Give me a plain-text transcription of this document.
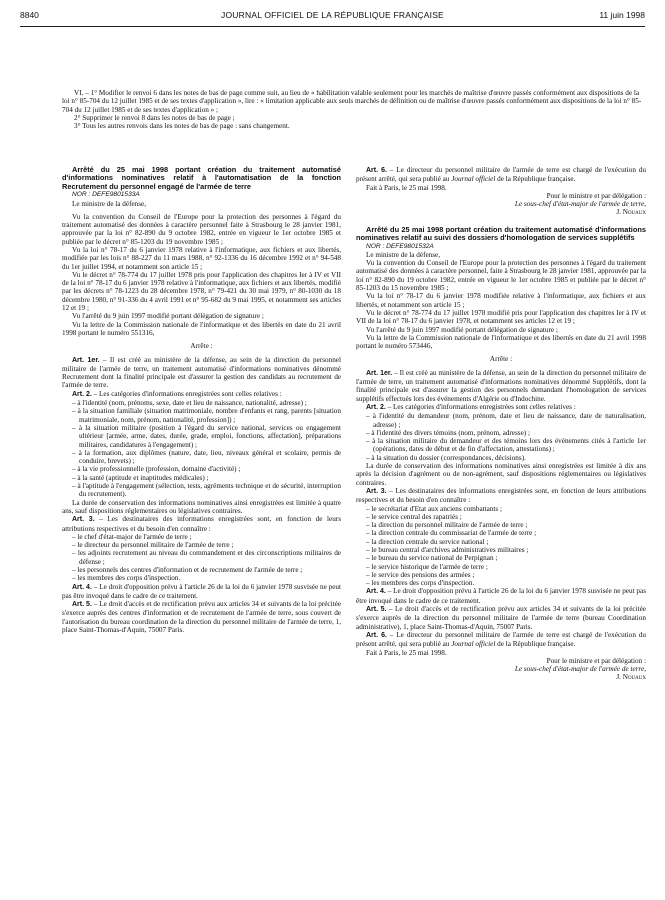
8840	JOURNAL OFFICIEL DE LA RÉPUBLIQUE FRANÇAISE	11 juin 1998

VI. – 1° Modifier le renvoi 6 dans les notes de bas de page comme suit, au lieu de « habilitation valable seulement pour les marchés de maîtrise d'œuvre passés conformément aux dispositions de la loi n° 85-704 du 12 juillet 1985 et de ses textes d'application », lire : « limitation applicable aux seuls marchés de définition ou de maîtrise d'œuvre passés conformément aux dispositions de la loi n° 85-704 du 12 juillet 1985 et de ses textes d'application » ;

2° Supprimer le renvoi 8 dans les notes de bas de page ;

3° Tous les autres renvois dans les notes de bas de page : sans changement.

Arrêté du 25 mai 1998 portant création du traitement automatisé d'informations nominatives relatif à l'automatisation de la fonction Recrutement du personnel engagé de l'armée de terre

NOR : DEFE9801533A

Le ministre de la défense,

Vu la convention du Conseil de l'Europe pour la protection des personnes à l'égard du traitement automatisé des données à caractère personnel faite à Strasbourg le 28 janvier 1981, approuvée par la loi n° 82-890 du 9 octobre 1982, entrée en vigueur le 1er octobre 1985 et publiée par le décret n° 85-1203 du 19 novembre 1985 ;

Vu la loi n° 78-17 du 6 janvier 1978 relative à l'informatique, aux fichiers et aux libertés, modifiée par les lois n° 88-227 du 11 mars 1988, n° 92-1336 du 16 décembre 1992 et n° 94-548 du 1er juillet 1994, et notamment son article 15 ;

Vu le décret n° 78-774 du 17 juillet 1978 pris pour l'application des chapitres Ier à IV et VII de la loi n° 78-17 du 6 janvier 1978 relative à l'informatique, aux fichiers et aux libertés, modifié par les décrets n° 78-1223 du 28 décembre 1978, n° 79-421 du 30 mai 1979, n° 80-1030 du 18 décembre 1980, n° 91-336 du 4 avril 1991 et n° 95-682 du 9 mai 1995, et notamment ses articles 12 et 19 ;

Vu l'arrêté du 9 juin 1997 modifié portant délégation de signature ;

Vu la lettre de la Commission nationale de l'informatique et des libertés en date du 21 avril 1998 portant le numéro 551316,

Arrête :

Art. 1er. – Il est créé au ministère de la défense, au sein de la direction du personnel militaire de l'armée de terre, un traitement automatisé d'informations nominatives dénommé Recrutement dont la finalité principale est d'assurer la gestion des candidats au recrutement de l'armée de terre.

Art. 2. – Les catégories d'informations enregistrées sont celles relatives :

– à l'identité (nom, prénoms, sexe, date et lieu de naissance, nationalité, adresse) ;
– à la situation familiale (situation matrimoniale, nombre d'enfants et rang, parents [situation matrimoniale, nom, prénom, nationalité, profession]) ;
– à la situation militaire (position à l'égard du service national, services ou engagement ultérieur [armée, arme, dates, durée, grade, emploi, fonctions, affectation], préparations militaires, candidatures à l'engagement) ;
– à la formation, aux diplômes (nature, date, lieu, niveaux général et scolaire, permis de conduire, brevets) ;
– à la vie professionnelle (profession, domaine d'activité) ;
– à la santé (aptitude et inaptitudes médicales) ;
– à l'aptitude à l'engagement (sélection, tests, agréments technique et de sécurité, interruption du recrutement).

La durée de conservation des informations nominatives ainsi enregistrées est limitée à quatre ans, sauf dispositions réglementaires ou législatives contraires.

Art. 3. – Les destinataires des informations enregistrées sont, en fonction de leurs attributions respectives et du besoin d'en connaître :

– le chef d'état-major de l'armée de terre ;
– le directeur du personnel militaire de l'armée de terre ;
– les adjoints recrutement au niveau du commandement et des circonscriptions militaires de défense ;
– les personnels des centres d'information et de recrutement de l'armée de terre ;
– les membres des corps d'inspection.

Art. 4. – Le droit d'opposition prévu à l'article 26 de la loi du 6 janvier 1978 susvisée ne peut pas être invoqué dans le cadre de ce traitement.

Art. 5. – Le droit d'accès et de rectification prévu aux articles 34 et suivants de la loi précitée s'exerce auprès des centres d'information et de recrutement de l'armée de terre, sous couvert de l'autorisation du bureau coordination de la direction du personnel militaire de l'armée de terre, 1, place Saint-Thomas-d'Aquin, 75007 Paris.

Art. 6. – Le directeur du personnel militaire de l'armée de terre est chargé de l'exécution du présent arrêté, qui sera publié au Journal officiel de la République française.

Fait à Paris, le 25 mai 1998.

Pour le ministre et par délégation :

Le sous-chef d'état-major de l'armée de terre,

J. Nouaux

Arrêté du 25 mai 1998 portant création du traitement automatisé d'informations nominatives relatif au suivi des dossiers d'homologation de services supplétifs

NOR : DEFE9801532A

Le ministre de la défense,

Vu la convention du Conseil de l'Europe pour la protection des personnes à l'égard du traitement automatisé des données à caractère personnel, faite à Strasbourg le 28 janvier 1981, approuvée par la loi n° 82-890 du 19 octobre 1982, entrée en vigueur le 1er octobre 1985 et publiée par le décret n° 85-1203 du 15 novembre 1985 ;

Vu la loi n° 78-17 du 6 janvier 1978 modifiée relative à l'informatique, aux fichiers et aux libertés, et notamment son article 15 ;

Vu le décret n° 78-774 du 17 juillet 1978 modifié pris pour l'application des chapitres Ier à IV et VII de la loi n° 78-17 du 6 janvier 1978, et notamment ses articles 12 et 19 ;

Vu l'arrêté du 9 juin 1997 modifié portant délégation de signature ;

Vu la lettre de la Commission nationale de l'informatique et des libertés en date du 21 avril 1998 portant le numéro 573446,

Arrête :

Art. 1er. – Il est créé au ministère de la défense, au sein de la direction du personnel militaire de l'armée de terre, un traitement automatisé d'informations nominatives dénommé Supplétifs, dont la finalité principale est d'assurer la gestion des personnels demandant l'homologation de services supplétifs effectués lors des événements d'Algérie ou d'Indochine.

Art. 2. – Les catégories d'informations enregistrées sont celles relatives :

– à l'identité du demandeur (nom, prénom, date et lieu de naissance, date de naturalisation, adresse) ;
– à l'identité des divers témoins (nom, prénom, adresse) ;
– à la situation militaire du demandeur et des témoins lors des événements cités à l'article 1er (opérations, dates de début et de fin d'affectation, attestations) ;
– à la situation du dossier (correspondances, décisions).

La durée de conservation des informations nominatives ainsi enregistrées est limitée à dix ans après la décision d'agrément ou de non-agrément, sauf dispositions réglementaires ou législatives contraires.

Art. 3. – Les destinataires des informations enregistrées sont, en fonction de leurs attributions respectives et du besoin d'en connaître :

– le secrétariat d'Etat aux anciens combattants ;
– le service central des rapatriés ;
– la direction du personnel militaire de l'armée de terre ;
– la direction centrale du commissariat de l'armée de terre ;
– la direction centrale du service national ;
– le bureau central d'archives administratives militaires ;
– le bureau du service national de Perpignan ;
– le service historique de l'armée de terre ;
– le service des pensions des armées ;
– les membres des corps d'inspection.

Art. 4. – Le droit d'opposition prévu à l'article 26 de la loi du 6 janvier 1978 susvisée ne peut pas être invoqué dans le cadre de ce traitement.

Art. 5. – Le droit d'accès et de rectification prévu aux articles 34 et suivants de la loi précitée s'exerce auprès de la direction du personnel militaire de l'armée de terre (bureau Coordination administrative), 1, place Saint-Thomas-d'Aquin, 75007 Paris.

Art. 6. – Le directeur du personnel militaire de l'armée de terre est chargé de l'exécution du présent arrêté, qui sera publié au Journal officiel de la République française.

Fait à Paris, le 25 mai 1998.

Pour le ministre et par délégation :

Le sous-chef d'état-major de l'armée de terre,

J. Nouaux
